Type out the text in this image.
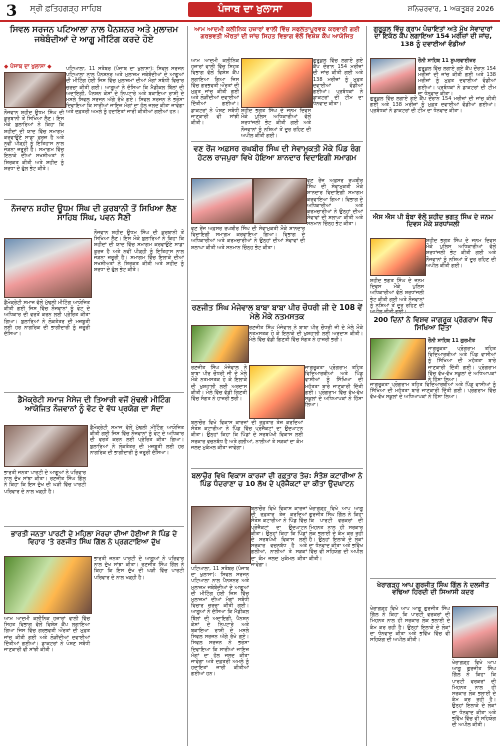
3 ਸ੍ਰੀ ਫ਼ਤਿਹਗੜ੍ਹ ਸਾਹਿਬ	ਪੰਜਾਬ ਦਾ ਖੁਲਾਸਾ	ਸ਼ਨਿਚਰਵਾਰ, 1 ਅਕਤੂਬਰ 2026
ਸਿਵਲ ਸਰਜਨ ਪਟਿਆਲਾ ਨਾਲ ਪੈਨਸ਼ਨਰ ਅਤੇ ਮੁਲਾਜ਼ਮ ਜਥੇਬੰਦੀਆਂ ਦੇ ਆਗੂ ਮੀਟਿੰਗ ਕਰਦੇ ਹੋਏ
◆ ਪੰਜਾਬ ਦਾ ਖੁਲਾਸਾ ◆	ਪਟਿਆਲਾ, 11 ਸਤੰਬਰ (ਪੰਜਾਬ ਦਾ ਖੁਲਾਸਾ): ਸਿਵਲ ਸਰਜਨ ਪਟਿਆਲਾ ਨਾਲ ਪੈਨਸ਼ਨਰ ਅਤੇ ਮੁਲਾਜ਼ਮ ਜਥੇਬੰਦੀਆਂ ਦੇ ਆਗੂਆਂ ਦੀ ਮੀਟਿੰਗ ਹੋਈ ਜਿਸ ਵਿੱਚ ਮੁਲਾਜ਼ਮਾਂ ਦੀਆਂ ਮੰਗਾਂ ਸਬੰਧੀ ਵਿਚਾਰ ਚਰਚਾ ਕੀਤੀ ਗਈ। ਆਗੂਆਂ ਨੇ ਦੱਸਿਆ ਕਿ ਮੈਡੀਕਲ ਬਿੱਲਾਂ ਦੀ ਅਦਾਇਗੀ, ਪੈਨਸ਼ਨ ਕੇਸਾਂ ਦੇ ਨਿਪਟਾਰੇ ਅਤੇ ਬਕਾਇਆ ਰਾਸ਼ੀ ਦੇ ਮਸਲੇ ਸਿਵਲ ਸਰਜਨ ਅੱਗੇ ਰੱਖੇ ਗਏ। ਸਿਵਲ ਸਰਜਨ ਨੇ ਭਰੋਸਾ ਦਿਵਾਇਆ ਕਿ ਸਾਰੀਆਂ ਜਾਇਜ਼ ਮੰਗਾਂ ਦਾ ਹੱਲ ਜਲਦ ਕੀਤਾ ਜਾਵੇਗਾ ਅਤੇ ਦਫ਼ਤਰੀ ਅਮਲੇ ਨੂੰ ਹਦਾਇਤਾਂ ਜਾਰੀ ਕੀਤੀਆਂ ਗਈਆਂ ਹਨ।
ਨੌਜਵਾਨ ਸ਼ਹੀਦ ਊਧਮ ਸਿੰਘ ਦੀ ਕੁਰਬਾਨੀ ਤੋਂ ਸਿਖਿਆ ਲੈਣ। ਇਸ ਮੌਕੇ ਬੁਲਾਰਿਆਂ ਨੇ ਕਿਹਾ ਕਿ ਸ਼ਹੀਦਾਂ ਦੀ ਯਾਦ ਵਿੱਚ ਸਮਾਗਮ ਕਰਵਾਉਣੇ ਸਾਡਾ ਫ਼ਰਜ਼ ਹੈ ਅਤੇ ਨਵੀਂ ਪੀੜ੍ਹੀ ਨੂੰ ਇਤਿਹਾਸ ਨਾਲ ਜੋੜਨਾ ਜ਼ਰੂਰੀ ਹੈ। ਸਮਾਗਮ ਵਿੱਚ ਇਲਾਕੇ ਦੀਆਂ ਸਖਸ਼ੀਅਤਾਂ ਨੇ ਸ਼ਿਰਕਤ ਕੀਤੀ ਅਤੇ ਸ਼ਹੀਦ ਨੂੰ ਸ਼ਰਧਾ ਦੇ ਫੁੱਲ ਭੇਟ ਕੀਤੇ।
ਨੌਜਵਾਨ ਸ਼ਹੀਦ ਊਧਮ ਸਿੰਘ ਦੀ ਕੁਰਬਾਨੀ ਤੋਂ ਸਿਖਿਆ ਲੈਣ ਸਾਹਿਬ ਸਿੰਘ, ਪਵਨ ਸੈਣੀ
ਨੌਜਵਾਨ ਸ਼ਹੀਦ ਊਧਮ ਸਿੰਘ ਦੀ ਕੁਰਬਾਨੀ ਤੋਂ ਸਿਖਿਆ ਲੈਣ। ਇਸ ਮੌਕੇ ਬੁਲਾਰਿਆਂ ਨੇ ਕਿਹਾ ਕਿ ਸ਼ਹੀਦਾਂ ਦੀ ਯਾਦ ਵਿੱਚ ਸਮਾਗਮ ਕਰਵਾਉਣੇ ਸਾਡਾ ਫ਼ਰਜ਼ ਹੈ ਅਤੇ ਨਵੀਂ ਪੀੜ੍ਹੀ ਨੂੰ ਇਤਿਹਾਸ ਨਾਲ ਜੋੜਨਾ ਜ਼ਰੂਰੀ ਹੈ। ਸਮਾਗਮ ਵਿੱਚ ਇਲਾਕੇ ਦੀਆਂ ਸਖਸ਼ੀਅਤਾਂ ਨੇ ਸ਼ਿਰਕਤ ਕੀਤੀ ਅਤੇ ਸ਼ਹੀਦ ਨੂੰ ਸ਼ਰਧਾ ਦੇ ਫੁੱਲ ਭੇਟ ਕੀਤੇ।
ਡੈਮੋਕ੍ਰੇਟੀ ਸਮਾਜ ਵੱਲੋਂ ਮੁੱਢਲੀ ਮੀਟਿੰਗ ਆਯੋਜਿਤ ਕੀਤੀ ਗਈ ਜਿਸ ਵਿੱਚ ਨੌਜਵਾਨਾਂ ਨੂੰ ਵੋਟ ਦੇ ਅਧਿਕਾਰ ਦੀ ਵਰਤੋਂ ਕਰਨ ਲਈ ਪ੍ਰੇਰਿਤ ਕੀਤਾ ਗਿਆ। ਬੁਲਾਰਿਆਂ ਨੇ ਲੋਕਤੰਤਰ ਦੀ ਮਜ਼ਬੂਤੀ ਲਈ ਹਰ ਨਾਗਰਿਕ ਦੀ ਭਾਗੀਦਾਰੀ ਨੂੰ ਜ਼ਰੂਰੀ ਦੱਸਿਆ।
ਡੈਮੋਕ੍ਰੇਟੀ ਸਮਾਜ ਮੈਸੇਜ ਦੀ ਤਿਆਰੀ ਵਜੋਂ ਮੁੱਢਲੀ ਮੀਟਿੰਗ ਆਯੋਜਿਤ ਨੌਜਵਾਨਾਂ ਨੂੰ ਵੋਟ ਦੇ ਵੱਧ ਪ੍ਰਯੋਗ ਦਾ ਸੱਦਾ
ਡੈਮੋਕ੍ਰੇਟੀ ਸਮਾਜ ਵੱਲੋਂ ਮੁੱਢਲੀ ਮੀਟਿੰਗ ਆਯੋਜਿਤ ਕੀਤੀ ਗਈ ਜਿਸ ਵਿੱਚ ਨੌਜਵਾਨਾਂ ਨੂੰ ਵੋਟ ਦੇ ਅਧਿਕਾਰ ਦੀ ਵਰਤੋਂ ਕਰਨ ਲਈ ਪ੍ਰੇਰਿਤ ਕੀਤਾ ਗਿਆ। ਬੁਲਾਰਿਆਂ ਨੇ ਲੋਕਤੰਤਰ ਦੀ ਮਜ਼ਬੂਤੀ ਲਈ ਹਰ ਨਾਗਰਿਕ ਦੀ ਭਾਗੀਦਾਰੀ ਨੂੰ ਜ਼ਰੂਰੀ ਦੱਸਿਆ।
ਭਾਰਤੀ ਜਨਤਾ ਪਾਰਟੀ ਦੇ ਆਗੂਆਂ ਨੇ ਪਰਿਵਾਰ ਨਾਲ ਦੁੱਖ ਸਾਂਝਾ ਕੀਤਾ। ਰਣਜੀਤ ਸਿੰਘ ਗਿੱਲ ਨੇ ਕਿਹਾ ਕਿ ਇਸ ਦੁੱਖ ਦੀ ਘੜੀ ਵਿੱਚ ਪਾਰਟੀ ਪਰਿਵਾਰ ਦੇ ਨਾਲ ਖੜ੍ਹੀ ਹੈ।
ਭਾਰਤੀ ਜਨਤਾ ਪਾਰਟੀ ਦੇ ਮਹਿਲਾ ਮੋਰਚਾ ਦੀਆਂ ਹੋਈਆਂ ਸੇ ਪਿੰਡ ਦੇ ਵਿਹਾਰ 'ਤੇ ਰਣਜੀਤ ਸਿੰਘ ਗਿੱਲ ਨੇ ਪ੍ਰਗਟਾਇਆ ਦੁੱਖ
ਭਾਰਤੀ ਜਨਤਾ ਪਾਰਟੀ ਦੇ ਆਗੂਆਂ ਨੇ ਪਰਿਵਾਰ ਨਾਲ ਦੁੱਖ ਸਾਂਝਾ ਕੀਤਾ। ਰਣਜੀਤ ਸਿੰਘ ਗਿੱਲ ਨੇ ਕਿਹਾ ਕਿ ਇਸ ਦੁੱਖ ਦੀ ਘੜੀ ਵਿੱਚ ਪਾਰਟੀ ਪਰਿਵਾਰ ਦੇ ਨਾਲ ਖੜ੍ਹੀ ਹੈ।
ਆਮ ਆਦਮੀ ਕਲੀਨਿਕ ਹਜ਼ਾਰਾਂ ਵਾਲੀ ਵਿੱਚ ਸਿਹਤ ਵਿਭਾਗ ਵੱਲੋਂ ਵਿਸ਼ੇਸ਼ ਕੈਂਪ ਲਗਾਇਆ ਗਿਆ ਜਿਸ ਵਿੱਚ ਗਰਭਵਤੀ ਔਰਤਾਂ ਦੀ ਮੁਫ਼ਤ ਜਾਂਚ ਕੀਤੀ ਗਈ ਅਤੇ ਲੋੜੀਂਦੀਆਂ ਦਵਾਈਆਂ ਦਿੱਤੀਆਂ ਗਈਆਂ। ਡਾਕਟਰਾਂ ਨੇ ਪੋਸ਼ਣ ਸਬੰਧੀ ਜਾਣਕਾਰੀ ਵੀ ਸਾਂਝੀ ਕੀਤੀ।
ਆਮ ਆਦਮੀ ਕਲੀਨਿਕ ਹਜ਼ਾਰਾਂ ਵਾਲੀ ਵਿੱਚ ਸਫਲਤਾਪੂਰਵਕ ਕਰਵਾਈ ਗਈ ਗਰਭਵਤੀ ਔਰਤਾਂ ਦੀ ਜਾਂਚ ਸਿਹਤ ਵਿਭਾਗ ਵੱਲੋਂ ਵਿਸ਼ੇਸ਼ ਕੈਂਪ ਆਯੋਜਿਤ
ਆਮ ਆਦਮੀ ਕਲੀਨਿਕ ਹਜ਼ਾਰਾਂ ਵਾਲੀ ਵਿੱਚ ਸਿਹਤ ਵਿਭਾਗ ਵੱਲੋਂ ਵਿਸ਼ੇਸ਼ ਕੈਂਪ ਲਗਾਇਆ ਗਿਆ ਜਿਸ ਵਿੱਚ ਗਰਭਵਤੀ ਔਰਤਾਂ ਦੀ ਮੁਫ਼ਤ ਜਾਂਚ ਕੀਤੀ ਗਈ ਅਤੇ ਲੋੜੀਂਦੀਆਂ ਦਵਾਈਆਂ ਦਿੱਤੀਆਂ ਗਈਆਂ। ਡਾਕਟਰਾਂ ਨੇ ਪੋਸ਼ਣ ਸਬੰਧੀ ਜਾਣਕਾਰੀ ਵੀ ਸਾਂਝੀ ਕੀਤੀ।
ਗੁਰੂਕੁਲ ਵਿੱਚ ਲਗਾਏ ਗਏ ਕੈਂਪ ਦੌਰਾਨ 154 ਮਰੀਜ਼ਾਂ ਦੀ ਜਾਂਚ ਕੀਤੀ ਗਈ ਅਤੇ 138 ਮਰੀਜ਼ਾਂ ਨੂੰ ਮੁਫ਼ਤ ਦਵਾਈਆਂ ਵੰਡੀਆਂ ਗਈਆਂ। ਪ੍ਰਬੰਧਕਾਂ ਨੇ ਡਾਕਟਰਾਂ ਦੀ ਟੀਮ ਦਾ ਧੰਨਵਾਦ ਕੀਤਾ।
ਸ਼ਹੀਦ ਭਗਤ ਸਿੰਘ ਦੇ ਜਨਮ ਦਿਵਸ ਮੌਕੇ ਪੁਲਿਸ ਅਧਿਕਾਰੀਆਂ ਵੱਲੋਂ ਸ਼ਰਧਾਂਜਲੀ ਭੇਟ ਕੀਤੀ ਗਈ ਅਤੇ ਨੌਜਵਾਨਾਂ ਨੂੰ ਨਸ਼ਿਆਂ ਤੋਂ ਦੂਰ ਰਹਿਣ ਦੀ ਅਪੀਲ ਕੀਤੀ ਗਈ।
ਵਣ ਰੇਂਜ ਅਫ਼ਸਰ ਰਘਬੀਰ ਸਿੰਘ ਦੀ ਸੇਵਾਮੁਕਤੀ ਮੌਕੇ ਪਿੰਡ ਰੰਗ ਹੋਟਲ ਰਾਜਪੁਰਾ ਵਿਖੇ ਹੋਇਆ ਸ਼ਾਨਦਾਰ ਵਿਦਾਇਗੀ ਸਮਾਗਮ
ਵਣ ਰੇਂਜ ਅਫ਼ਸਰ ਰਘਬੀਰ ਸਿੰਘ ਦੀ ਸੇਵਾਮੁਕਤੀ ਮੌਕੇ ਸ਼ਾਨਦਾਰ ਵਿਦਾਇਗੀ ਸਮਾਗਮ ਕਰਵਾਇਆ ਗਿਆ। ਵਿਭਾਗ ਦੇ ਅਧਿਕਾਰੀਆਂ ਅਤੇ ਕਰਮਚਾਰੀਆਂ ਨੇ ਉਨ੍ਹਾਂ ਦੀਆਂ ਸੇਵਾਵਾਂ ਦੀ ਸ਼ਲਾਘਾ ਕੀਤੀ ਅਤੇ ਸਨਮਾਨ ਚਿੰਨ੍ਹ ਭੇਟ ਕੀਤਾ।
ਵਣ ਰੇਂਜ ਅਫ਼ਸਰ ਰਘਬੀਰ ਸਿੰਘ ਦੀ ਸੇਵਾਮੁਕਤੀ ਮੌਕੇ ਸ਼ਾਨਦਾਰ ਵਿਦਾਇਗੀ ਸਮਾਗਮ ਕਰਵਾਇਆ ਗਿਆ। ਵਿਭਾਗ ਦੇ ਅਧਿਕਾਰੀਆਂ ਅਤੇ ਕਰਮਚਾਰੀਆਂ ਨੇ ਉਨ੍ਹਾਂ ਦੀਆਂ ਸੇਵਾਵਾਂ ਦੀ ਸ਼ਲਾਘਾ ਕੀਤੀ ਅਤੇ ਸਨਮਾਨ ਚਿੰਨ੍ਹ ਭੇਟ ਕੀਤਾ।
ਰਣਜੀਤ ਸਿੰਘ ਮੰਜੇਵਾਲ ਬਾਬਾ ਬਾਬਾ ਪੀਰ ਚੌਧਰੀ ਜੀ ਦੇ 108 ਵੇਂ ਮੇਲੇ ਮੌਕੇ ਨਤਮਸਤਕ
ਰਣਜੀਤ ਸਿੰਘ ਮੰਜੇਵਾਲ ਨੇ ਬਾਬਾ ਪੀਰ ਚੌਧਰੀ ਜੀ ਦੇ ਮੇਲੇ ਮੌਕੇ ਨਤਮਸਤਕ ਹੋ ਕੇ ਇਲਾਕੇ ਦੀ ਖੁਸ਼ਹਾਲੀ ਲਈ ਅਰਦਾਸ ਕੀਤੀ। ਮੇਲੇ ਵਿੱਚ ਵੱਡੀ ਗਿਣਤੀ ਵਿੱਚ ਸੰਗਤ ਨੇ ਹਾਜ਼ਰੀ ਭਰੀ।
ਰਣਜੀਤ ਸਿੰਘ ਮੰਜੇਵਾਲ ਨੇ ਬਾਬਾ ਪੀਰ ਚੌਧਰੀ ਜੀ ਦੇ ਮੇਲੇ ਮੌਕੇ ਨਤਮਸਤਕ ਹੋ ਕੇ ਇਲਾਕੇ ਦੀ ਖੁਸ਼ਹਾਲੀ ਲਈ ਅਰਦਾਸ ਕੀਤੀ। ਮੇਲੇ ਵਿੱਚ ਵੱਡੀ ਗਿਣਤੀ ਵਿੱਚ ਸੰਗਤ ਨੇ ਹਾਜ਼ਰੀ ਭਰੀ।
ਜਾਗਰੂਕਤਾ ਪ੍ਰੋਗਰਾਮ ਤਹਿਤ ਵਿਦਿਆਰਥੀਆਂ ਅਤੇ ਪਿੰਡ ਵਾਸੀਆਂ ਨੂੰ ਸਿੱਖਿਆ ਦੀ ਮਹੱਤਤਾ ਬਾਰੇ ਜਾਣਕਾਰੀ ਦਿੱਤੀ ਗਈ। ਪ੍ਰੋਗਰਾਮ ਵਿੱਚ ਵੱਖ-ਵੱਖ ਸਕੂਲਾਂ ਦੇ ਅਧਿਆਪਕਾਂ ਨੇ ਹਿੱਸਾ ਲਿਆ।
ਬਲਾਚੌਰ ਵਿਖੇ ਵਿਕਾਸ ਕਾਰਜਾਂ ਦੀ ਰਫ਼ਤਾਰ ਤੇਜ਼ ਕਰਦਿਆਂ ਸੰਤੋਸ਼ ਕਟਾਰੀਆ ਨੇ ਪਿੰਡ ਵਿੱਚ ਪ੍ਰੋਜੈਕਟਾਂ ਦਾ ਉਦਘਾਟਨ ਕੀਤਾ। ਉਨ੍ਹਾਂ ਕਿਹਾ ਕਿ ਪਿੰਡਾਂ ਦੇ ਸਰਬਪੱਖੀ ਵਿਕਾਸ ਲਈ ਸਰਕਾਰ ਵਚਨਬੱਧ ਹੈ ਅਤੇ ਗਲੀਆਂ, ਨਾਲੀਆਂ ਤੇ ਸੜਕਾਂ ਦਾ ਕੰਮ ਜਲਦ ਮੁਕੰਮਲ ਕੀਤਾ ਜਾਵੇਗਾ।
ਬਲਾਚੌਰ ਵਿਖੇ ਵਿਕਾਸ ਕਾਰਜਾਂ ਦੀ ਰਫ਼ਤਾਰ ਤੇਜ਼: ਸੰਤੋਸ਼ ਕਟਾਰੀਆ ਨੇ ਪਿੰਡ ਧੰਦਰਾਣਾ ਚ 10 ਲੱਖ ਦੇ ਪ੍ਰੋਜੈਕਟਾਂ ਦਾ ਕੀਤਾ ਉਦਘਾਟਨ
ਬਲਾਚੌਰ ਵਿਖੇ ਵਿਕਾਸ ਕਾਰਜਾਂ ਦੀ ਰਫ਼ਤਾਰ ਤੇਜ਼ ਕਰਦਿਆਂ ਸੰਤੋਸ਼ ਕਟਾਰੀਆ ਨੇ ਪਿੰਡ ਵਿੱਚ ਪ੍ਰੋਜੈਕਟਾਂ ਦਾ ਉਦਘਾਟਨ ਕੀਤਾ। ਉਨ੍ਹਾਂ ਕਿਹਾ ਕਿ ਪਿੰਡਾਂ ਦੇ ਸਰਬਪੱਖੀ ਵਿਕਾਸ ਲਈ ਸਰਕਾਰ ਵਚਨਬੱਧ ਹੈ ਅਤੇ ਗਲੀਆਂ, ਨਾਲੀਆਂ ਤੇ ਸੜਕਾਂ ਦਾ ਕੰਮ ਜਲਦ ਮੁਕੰਮਲ ਕੀਤਾ ਜਾਵੇਗਾ।
ਖੇਰਾਗੜ੍ਹ ਵਿਖੇ ਆਪ ਆਗੂ ਗੁਰਜੀਤ ਸਿੰਘ ਗਿੱਲ ਨੇ ਕਿਹਾ ਕਿ ਪਾਰਟੀ ਵਰਕਰਾਂ ਦੀ ਮਿਹਨਤ ਨਾਲ ਹੀ ਸਰਕਾਰ ਲੋਕ ਭਲਾਈ ਦੇ ਕੰਮ ਕਰ ਰਹੀ ਹੈ। ਉਨ੍ਹਾਂ ਇਲਾਕੇ ਦੇ ਲੋਕਾਂ ਦਾ ਧੰਨਵਾਦ ਕੀਤਾ ਅਤੇ ਭਵਿੱਖ ਵਿੱਚ ਵੀ ਸਹਿਯੋਗ ਦੀ ਅਪੀਲ ਕੀਤੀ।
ਪਟਿਆਲਾ, 11 ਸਤੰਬਰ (ਪੰਜਾਬ ਦਾ ਖੁਲਾਸਾ): ਸਿਵਲ ਸਰਜਨ ਪਟਿਆਲਾ ਨਾਲ ਪੈਨਸ਼ਨਰ ਅਤੇ ਮੁਲਾਜ਼ਮ ਜਥੇਬੰਦੀਆਂ ਦੇ ਆਗੂਆਂ ਦੀ ਮੀਟਿੰਗ ਹੋਈ ਜਿਸ ਵਿੱਚ ਮੁਲਾਜ਼ਮਾਂ ਦੀਆਂ ਮੰਗਾਂ ਸਬੰਧੀ ਵਿਚਾਰ ਚਰਚਾ ਕੀਤੀ ਗਈ। ਆਗੂਆਂ ਨੇ ਦੱਸਿਆ ਕਿ ਮੈਡੀਕਲ ਬਿੱਲਾਂ ਦੀ ਅਦਾਇਗੀ, ਪੈਨਸ਼ਨ ਕੇਸਾਂ ਦੇ ਨਿਪਟਾਰੇ ਅਤੇ ਬਕਾਇਆ ਰਾਸ਼ੀ ਦੇ ਮਸਲੇ ਸਿਵਲ ਸਰਜਨ ਅੱਗੇ ਰੱਖੇ ਗਏ। ਸਿਵਲ ਸਰਜਨ ਨੇ ਭਰੋਸਾ ਦਿਵਾਇਆ ਕਿ ਸਾਰੀਆਂ ਜਾਇਜ਼ ਮੰਗਾਂ ਦਾ ਹੱਲ ਜਲਦ ਕੀਤਾ ਜਾਵੇਗਾ ਅਤੇ ਦਫ਼ਤਰੀ ਅਮਲੇ ਨੂੰ ਹਦਾਇਤਾਂ ਜਾਰੀ ਕੀਤੀਆਂ ਗਈਆਂ ਹਨ।
ਗੁਰੂਕੁਲ ਵਿੱਚ ਗ੍ਰਾਮ ਪੰਚਾਇਤਾਂ ਅਤੇ ਮੁੱਖ ਸੇਵਾਦਾਰਾਂ ਦਾ ਇਕੱਠ ਕੈਂਪ ਲਗਾਇਆ 154 ਮਰੀਜ਼ਾਂ ਦੀ ਜਾਂਚ, 138 ਨੂੰ ਦਵਾਈਆਂ ਵੰਡੀਆਂ
ਰੌਨੀ ਸਾਹਿਬ 11 ਸੂਪਰਵਾਈਜ਼ਰ
ਗੁਰੂਕੁਲ ਵਿੱਚ ਲਗਾਏ ਗਏ ਕੈਂਪ ਦੌਰਾਨ 154 ਮਰੀਜ਼ਾਂ ਦੀ ਜਾਂਚ ਕੀਤੀ ਗਈ ਅਤੇ 138 ਮਰੀਜ਼ਾਂ ਨੂੰ ਮੁਫ਼ਤ ਦਵਾਈਆਂ ਵੰਡੀਆਂ ਗਈਆਂ। ਪ੍ਰਬੰਧਕਾਂ ਨੇ ਡਾਕਟਰਾਂ ਦੀ ਟੀਮ ਦਾ ਧੰਨਵਾਦ ਕੀਤਾ।
ਗੁਰੂਕੁਲ ਵਿੱਚ ਲਗਾਏ ਗਏ ਕੈਂਪ ਦੌਰਾਨ 154 ਮਰੀਜ਼ਾਂ ਦੀ ਜਾਂਚ ਕੀਤੀ ਗਈ ਅਤੇ 138 ਮਰੀਜ਼ਾਂ ਨੂੰ ਮੁਫ਼ਤ ਦਵਾਈਆਂ ਵੰਡੀਆਂ ਗਈਆਂ। ਪ੍ਰਬੰਧਕਾਂ ਨੇ ਡਾਕਟਰਾਂ ਦੀ ਟੀਮ ਦਾ ਧੰਨਵਾਦ ਕੀਤਾ।
ਐਸ ਐਸ ਪੀ ਬੰਬਾ ਵੱਲੋਂ ਸ਼ਹੀਦ ਭਗਤ ਸਿੰਘ ਦੇ ਜਨਮ ਦਿਵਸ ਮੌਕੇ ਸ਼ਰਧਾਂਜਲੀ
ਸ਼ਹੀਦ ਭਗਤ ਸਿੰਘ ਦੇ ਜਨਮ ਦਿਵਸ ਮੌਕੇ ਪੁਲਿਸ ਅਧਿਕਾਰੀਆਂ ਵੱਲੋਂ ਸ਼ਰਧਾਂਜਲੀ ਭੇਟ ਕੀਤੀ ਗਈ ਅਤੇ ਨੌਜਵਾਨਾਂ ਨੂੰ ਨਸ਼ਿਆਂ ਤੋਂ ਦੂਰ ਰਹਿਣ ਦੀ ਅਪੀਲ ਕੀਤੀ ਗਈ।
ਸ਼ਹੀਦ ਭਗਤ ਸਿੰਘ ਦੇ ਜਨਮ ਦਿਵਸ ਮੌਕੇ ਪੁਲਿਸ ਅਧਿਕਾਰੀਆਂ ਵੱਲੋਂ ਸ਼ਰਧਾਂਜਲੀ ਭੇਟ ਕੀਤੀ ਗਈ ਅਤੇ ਨੌਜਵਾਨਾਂ ਨੂੰ ਨਸ਼ਿਆਂ ਤੋਂ ਦੂਰ ਰਹਿਣ ਦੀ
200 ਦਿਨਾਂ ਨੇ ਵਿਸ਼ਵ ਜਾਗਰੂਕ ਪ੍ਰੋਗਰਾਮ ਵਿੱਚ ਸਿਖਿਆ ਦਿੱਤਾ
ਰੌਨੀ ਸਾਹਿਬ 11 ਗੁਰਮੀਤ
ਜਾਗਰੂਕਤਾ ਪ੍ਰੋਗਰਾਮ ਤਹਿਤ ਵਿਦਿਆਰਥੀਆਂ ਅਤੇ ਪਿੰਡ ਵਾਸੀਆਂ ਨੂੰ ਸਿੱਖਿਆ ਦੀ ਮਹੱਤਤਾ ਬਾਰੇ ਜਾਣਕਾਰੀ ਦਿੱਤੀ ਗਈ। ਪ੍ਰੋਗਰਾਮ ਵਿੱਚ ਵੱਖ-ਵੱਖ ਸਕੂਲਾਂ ਦੇ ਅਧਿਆਪਕਾਂ ਨੇ ਹਿੱਸਾ ਲਿਆ।
ਜਾਗਰੂਕਤਾ ਪ੍ਰੋਗਰਾਮ ਤਹਿਤ ਵਿਦਿਆਰਥੀਆਂ ਅਤੇ ਪਿੰਡ ਵਾਸੀਆਂ ਨੂੰ ਸਿੱਖਿਆ ਦੀ ਮਹੱਤਤਾ ਬਾਰੇ ਜਾਣਕਾਰੀ ਦਿੱਤੀ ਗਈ। ਪ੍ਰੋਗਰਾਮ ਵਿੱਚ ਵੱਖ-ਵੱਖ ਸਕੂਲਾਂ ਦੇ ਅਧਿਆਪਕਾਂ ਨੇ ਹਿੱਸਾ ਲਿਆ।
ਖੇਰਾਗੜ੍ਹ ਆਪ ਗੁਰਜੀਤ ਸਿੰਘ ਗਿੱਲ ਨੇ ਦਲਜੀਤ ਵਢਿਆ ਹਿਰਦੀ ਦੀ ਸਿਆਸੀ ਕਦਰ
ਖੇਰਾਗੜ੍ਹ ਵਿਖੇ ਆਪ ਆਗੂ ਗੁਰਜੀਤ ਸਿੰਘ ਗਿੱਲ ਨੇ ਕਿਹਾ ਕਿ ਪਾਰਟੀ ਵਰਕਰਾਂ ਦੀ ਮਿਹਨਤ ਨਾਲ ਹੀ ਸਰਕਾਰ ਲੋਕ ਭਲਾਈ ਦੇ ਕੰਮ ਕਰ ਰਹੀ ਹੈ। ਉਨ੍ਹਾਂ ਇਲਾਕੇ ਦੇ ਲੋਕਾਂ ਦਾ ਧੰਨਵਾਦ ਕੀਤਾ ਅਤੇ ਭਵਿੱਖ ਵਿੱਚ ਵੀ ਸਹਿਯੋਗ ਦੀ ਅਪੀਲ ਕੀਤੀ।
ਖੇਰਾਗੜ੍ਹ ਵਿਖੇ ਆਪ ਆਗੂ ਗੁਰਜੀਤ ਸਿੰਘ ਗਿੱਲ ਨੇ ਕਿਹਾ ਕਿ ਪਾਰਟੀ ਵਰਕਰਾਂ ਦੀ ਮਿਹਨਤ ਨਾਲ ਹੀ ਸਰਕਾਰ ਲੋਕ ਭਲਾਈ ਦੇ ਕੰਮ ਕਰ ਰਹੀ ਹੈ। ਉਨ੍ਹਾਂ ਇਲਾਕੇ ਦੇ ਲੋਕਾਂ ਦਾ ਧੰਨਵਾਦ ਕੀਤਾ ਅਤੇ ਭਵਿੱਖ ਵਿੱਚ ਵੀ ਸਹਿਯੋਗ ਦੀ ਅਪੀਲ ਕੀਤੀ।
